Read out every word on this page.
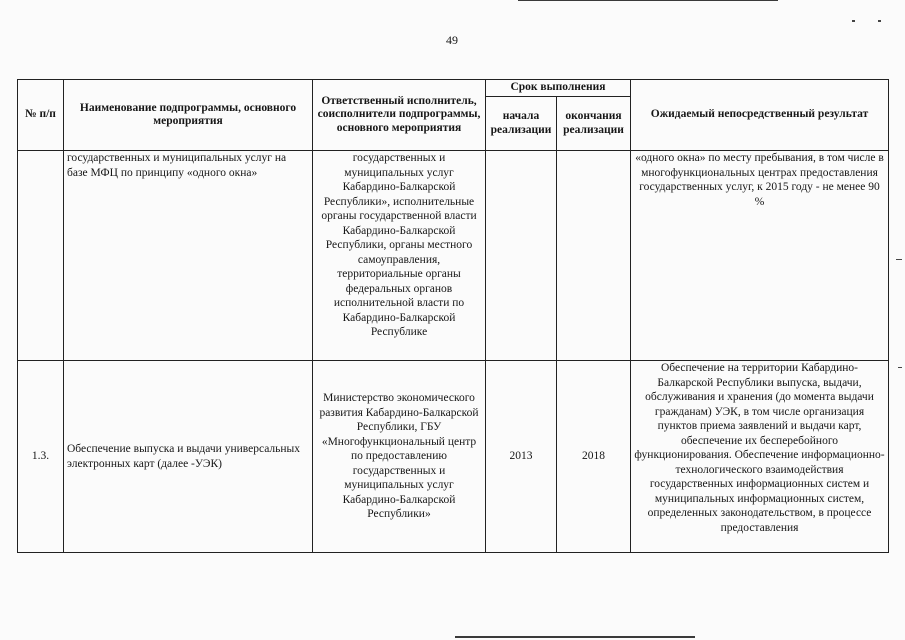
49
№ п/п	Наименование подпрограммы, основного мероприятия	Ответственный исполнитель, соисполнители подпрограммы, основного мероприятия	Срок выполнения		Ожидаемый непосредственный результат
			начала реализации	окончания реализации	
	государственных и муниципальных услуг на базе МФЦ по принципу «одного окна»	государственных и муниципальных услуг Кабардино-Балкарской Республики», исполнительные органы государственной власти Кабардино-Балкарской Республики, органы местного самоуправления, территориальные органы федеральных органов исполнительной власти по Кабардино-Балкарской Республике			«одного окна» по месту пребывания, в том числе в многофункциональных центрах предоставления государственных услуг, к 2015 году - не менее 90 %
1.3.	Обеспечение выпуска и выдачи универсальных электронных карт (далее -УЭК)	Министерство экономического развития Кабардино-Балкарской Республики, ГБУ «Многофункциональный центр по предоставлению государственных и муниципальных услуг Кабардино-Балкарской Республики»	2013	2018	Обеспечение на территории Кабардино-Балкарской Республики выпуска, выдачи, обслуживания и хранения (до момента выдачи гражданам) УЭК, в том числе организация пунктов приема заявлений и выдачи карт, обеспечение их бесперебойного функционирования. Обеспечение информационно-технологического взаимодействия государственных информационных систем и муниципальных информационных систем, определенных законодательством, в процессе предоставления
